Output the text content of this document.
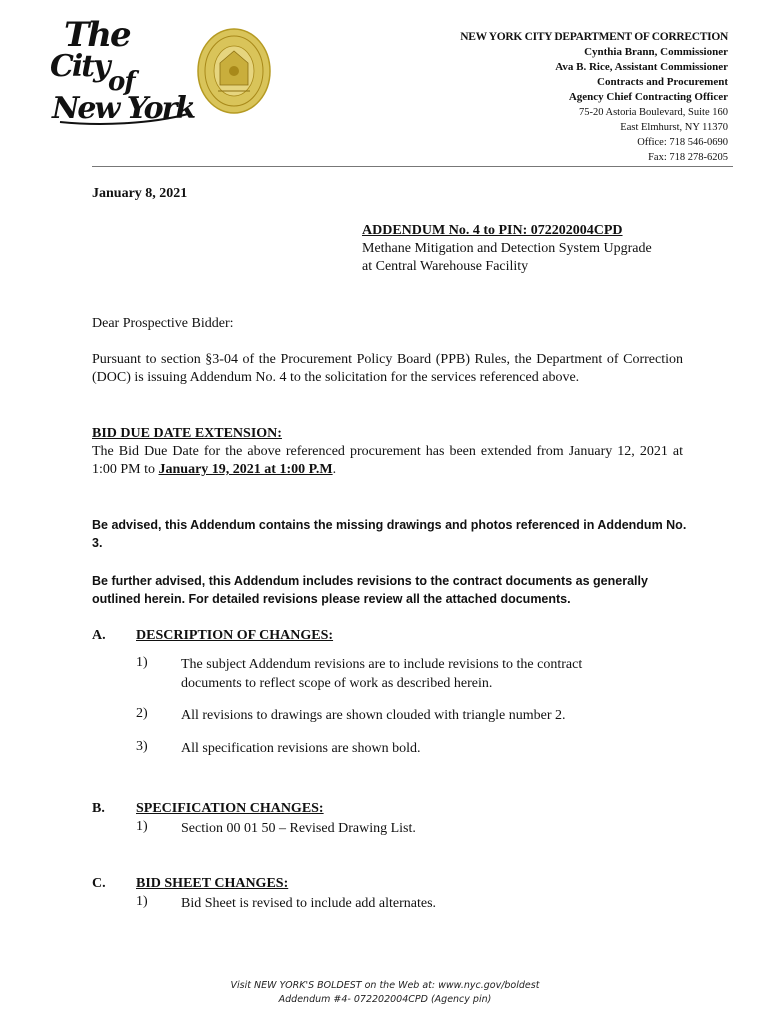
The
City of
New York
NEW YORK CITY DEPARTMENT OF CORRECTION
Cynthia Brann, Commissioner
Ava B. Rice, Assistant Commissioner
Contracts and Procurement
Agency Chief Contracting Officer
75-20 Astoria Boulevard, Suite 160
East Elmhurst, NY 11370
Office: 718 546-0690
Fax: 718 278-6205
January 8, 2021
ADDENDUM No. 4 to PIN: 072202004CPD
Methane Mitigation and Detection System Upgrade
at Central Warehouse Facility
Dear Prospective Bidder:
Pursuant to section §3-04 of the Procurement Policy Board (PPB) Rules, the Department of Correction (DOC) is issuing Addendum No. 4 to the solicitation for the services referenced above.
BID DUE DATE EXTENSION:
The Bid Due Date for the above referenced procurement has been extended from January 12, 2021 at 1:00 PM to January 19, 2021 at 1:00 P.M.
Be advised, this Addendum contains the missing drawings and photos referenced in Addendum No. 3.
Be further advised, this Addendum includes revisions to the contract documents as generally outlined herein. For detailed revisions please review all the attached documents.
A. DESCRIPTION OF CHANGES:
1) The subject Addendum revisions are to include revisions to the contract documents to reflect scope of work as described herein.
2) All revisions to drawings are shown clouded with triangle number 2.
3) All specification revisions are shown bold.
B. SPECIFICATION CHANGES:
1) Section 00 01 50 – Revised Drawing List.
C. BID SHEET CHANGES:
1) Bid Sheet is revised to include add alternates.
Visit NEW YORK'S BOLDEST on the Web at: www.nyc.gov/boldest
Addendum #4- 072202004CPD (Agency pin)
